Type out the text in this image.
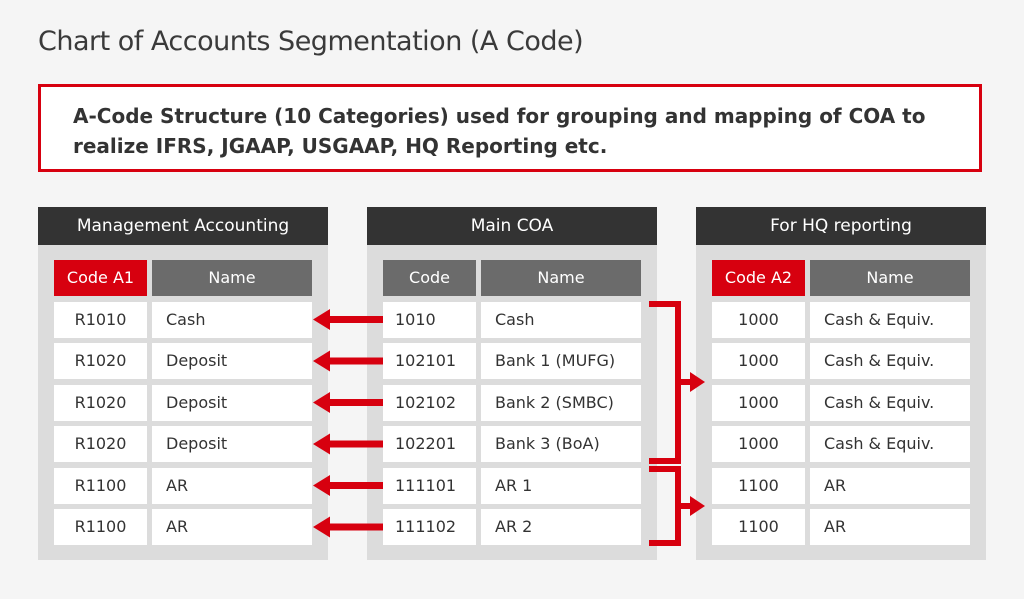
Chart of Accounts Segmentation (A Code)
A-Code Structure (10 Categories) used for grouping and mapping of COA to realize IFRS, JGAAP, USGAAP, HQ Reporting etc.
Management Accounting
Code A1	Name
R1010	Cash
R1020	Deposit
R1020	Deposit
R1020	Deposit
R1100	AR
R1100	AR
Main COA
Code	Name
1010	Cash
102101	Bank 1 (MUFG)
102102	Bank 2 (SMBC)
102201	Bank 3 (BoA)
111101	AR 1
111102	AR 2
For HQ reporting
Code A2	Name
1000	Cash & Equiv.
1000	Cash & Equiv.
1000	Cash & Equiv.
1000	Cash & Equiv.
1100	AR
1100	AR
